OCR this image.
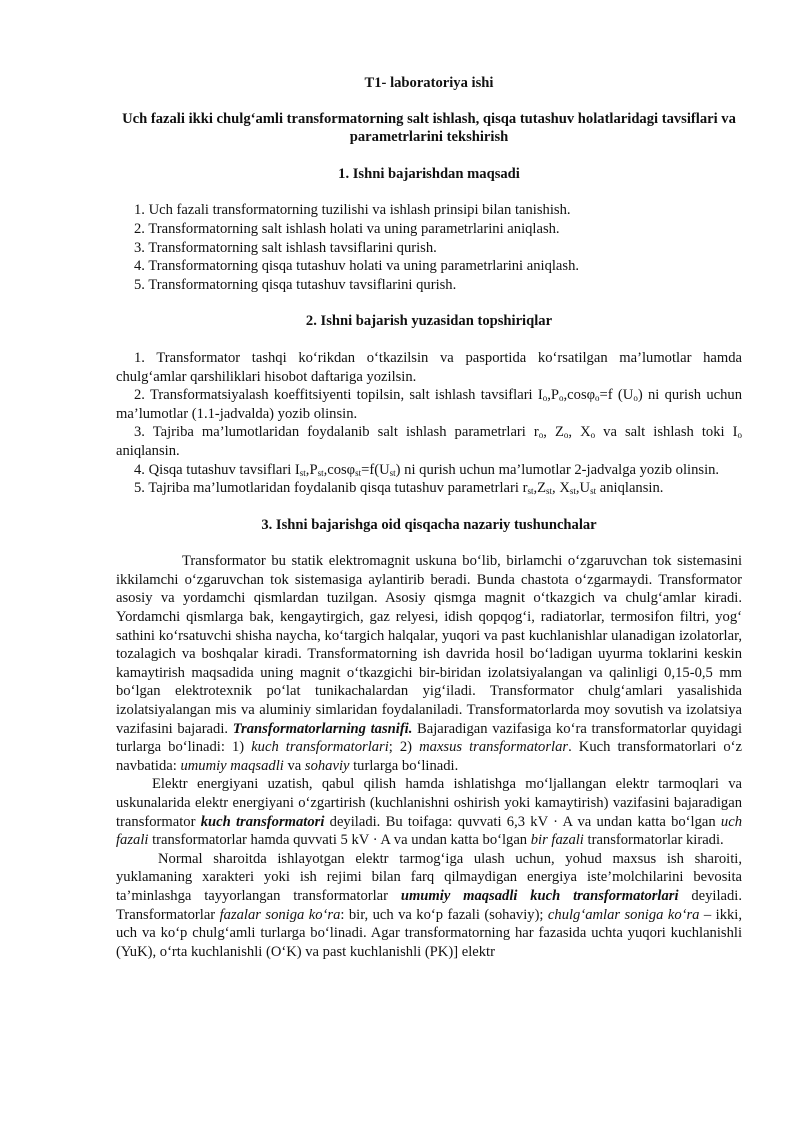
T1- laboratoriya ishi
Uch fazali ikki chulg‘amli transformatorning salt ishlash, qisqa tutashuv holatlaridagi tavsiflari va parametrlarini tekshirish
1. Ishni bajarishdan maqsadi
1. Uch fazali transformatorning tuzilishi va ishlash prinsipi bilan tanishish.
2. Transformatorning salt ishlash holati va uning parametrlarini aniqlash.
3. Transformatorning salt ishlash tavsiflarini qurish.
4. Transformatorning qisqa tutashuv holati va uning parametrlarini aniqlash.
5. Transformatorning qisqa tutashuv tavsiflarini qurish.
2. Ishni bajarish yuzasidan topshiriqlar

1. Transformator tashqi ko‘rikdan o‘tkazilsin va pasportida ko‘rsatilgan ma’lumotlar hamda chulg‘amlar qarshiliklari hisobot daftariga yozilsin.

2. Transformatsiyalash koeffitsiyenti topilsin, salt ishlash tavsiflari $I_o,P_o,\cos\varphi_o=f$ $(U_o)$ ni qurish uchun ma’lumotlar (1.1-jadvalda) yozib olinsin.

3. Tajriba ma’lumotlaridan foydalanib salt ishlash parametrlari $r_o$, $Z_o$, $X_o$ va salt ishlash toki $I_o$ aniqlansin.

4. Qisqa tutashuv tavsiflari $I_{st},P_{st},\cos\varphi_{st}=f(U_{st})$ ni qurish uchun ma’lumotlar 2-jadvalga yozib olinsin.

5. Tajriba ma’lumotlaridan foydalanib qisqa tutashuv parametrlari $r_{st},Z_{st}$, $X_{st},U_{st}$ aniqlansin.

3. Ishni bajarishga oid qisqacha nazariy tushunchalar

Transformator bu statik elektromagnit uskuna bo‘lib, birlamchi o‘zgaruvchan tok sistemasini ikkilamchi o‘zgaruvchan tok sistemasiga aylantirib beradi. Bunda chastota o‘zgarmaydi. Transformator asosiy va yordamchi qismlardan tuzilgan. Asosiy qismga magnit o‘tkazgich va chulg‘amlar kiradi. Yordamchi qismlarga bak, kengaytirgich, gaz relyesi, idish qopqog‘i, radiatorlar, termosifon filtri, yog‘ sathini ko‘rsatuvchi shisha naycha, ko‘targich halqalar, yuqori va past kuchlanishlar ulanadigan izolatorlar, tozalagich va boshqalar kiradi. Transformatorning ish davrida hosil bo‘ladigan uyurma toklarini keskin kamaytirish maqsadida uning magnit o‘tkazgichi bir-biridan izolatsiyalangan va qalinligi 0,15-0,5 mm bo‘lgan elektrotexnik po‘lat tunikachalardan yig‘iladi. Transformator chulg‘amlari yasalishida izolatsiyalangan mis va aluminiy simlaridan foydalaniladi. Transformatorlarda moy sovutish va izolatsiya vazifasini bajaradi. Transformatorlarning tasnifi. Bajaradigan vazifasiga ko‘ra transformatorlar quyidagi turlarga bo‘linadi: 1) kuch transformatorlari; 2) maxsus transformatorlar. Kuch transformatorlari o‘z navbatida: umumiy maqsadli va sohaviy turlarga bo‘linadi.

Elektr energiyani uzatish, qabul qilish hamda ishlatishga mo‘ljallangan elektr tarmoqlari va uskunalarida elektr energiyani o‘zgartirish (kuchlanishni oshirish yoki kamaytirish) vazifasini bajaradigan transformator kuch transformatori deyiladi. Bu toifaga: quvvati 6,3 kV · A va undan katta bo‘lgan uch fazali transformatorlar hamda quvvati 5 kV · A va undan katta bo‘lgan bir fazali transformatorlar kiradi.

Normal sharoitda ishlayotgan elektr tarmog‘iga ulash uchun, yohud maxsus ish sharoiti, yuklamaning xarakteri yoki ish rejimi bilan farq qilmaydigan energiya iste’molchilarini bevosita ta’minlashga tayyorlangan transformatorlar umumiy maqsadli kuch transformatorlari deyiladi. Transformatorlar fazalar soniga ko‘ra: bir, uch va ko‘p fazali (sohaviy); chulg‘amlar soniga ko‘ra – ikki, uch va ko‘p chulg‘amli turlarga bo‘linadi. Agar transformatorning har fazasida uchta yuqori kuchlanishli (YuK), o‘rta kuchlanishli (O‘K) va past kuchlanishli (PK)] elektr
